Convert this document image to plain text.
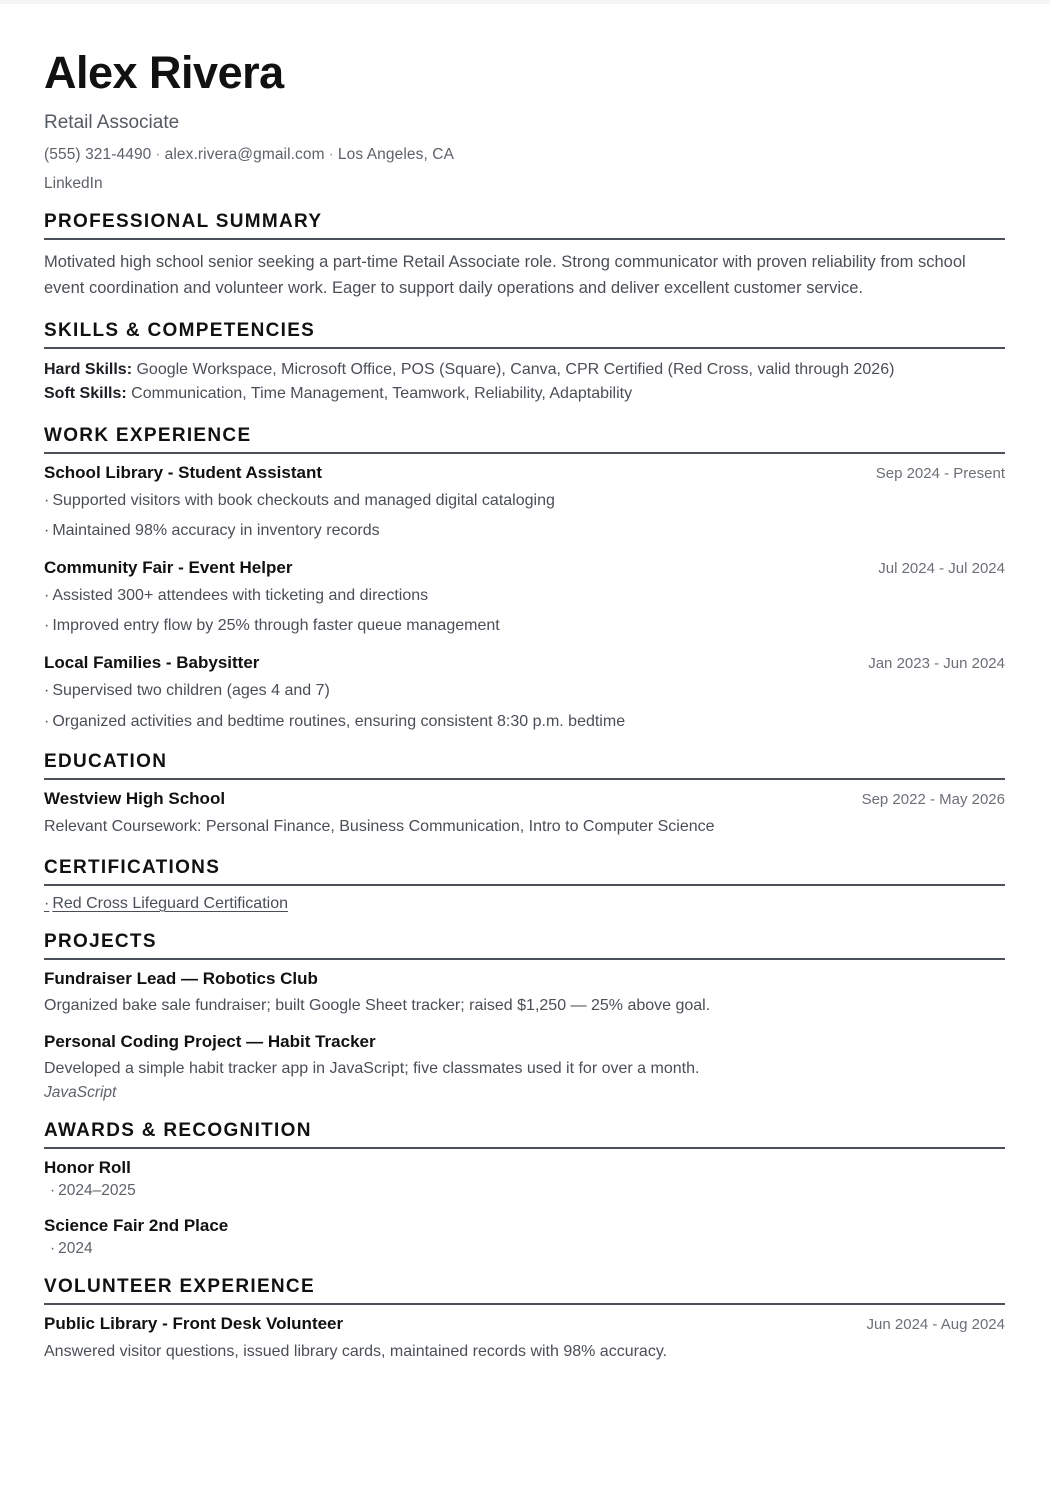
Alex Rivera
Retail Associate
(555) 321-4490 · alex.rivera@gmail.com · Los Angeles, CA
LinkedIn
PROFESSIONAL SUMMARY

Motivated high school senior seeking a part-time Retail Associate role. Strong communicator with proven reliability from school event coordination and volunteer work. Eager to support daily operations and deliver excellent customer service.

SKILLS & COMPETENCIES
Hard Skills: Google Workspace, Microsoft Office, POS (Square), Canva, CPR Certified (Red Cross, valid through 2026)
Soft Skills: Communication, Time Management, Teamwork, Reliability, Adaptability
WORK EXPERIENCE
School Library - Student Assistant	Sep 2024 - Present
· Supported visitors with book checkouts and managed digital cataloging
· Maintained 98% accuracy in inventory records
Community Fair - Event Helper	Jul 2024 - Jul 2024
· Assisted 300+ attendees with ticketing and directions
· Improved entry flow by 25% through faster queue management
Local Families - Babysitter	Jan 2023 - Jun 2024
· Supervised two children (ages 4 and 7)
· Organized activities and bedtime routines, ensuring consistent 8:30 p.m. bedtime
EDUCATION
Westview High School	Sep 2022 - May 2026
Relevant Coursework: Personal Finance, Business Communication, Intro to Computer Science
CERTIFICATIONS
· Red Cross Lifeguard Certification
PROJECTS
Fundraiser Lead — Robotics Club
Organized bake sale fundraiser; built Google Sheet tracker; raised $1,250 — 25% above goal.
Personal Coding Project — Habit Tracker
Developed a simple habit tracker app in JavaScript; five classmates used it for over a month.
JavaScript
AWARDS & RECOGNITION
Honor Roll
· 2024–2025
Science Fair 2nd Place
· 2024
VOLUNTEER EXPERIENCE
Public Library - Front Desk Volunteer	Jun 2024 - Aug 2024
Answered visitor questions, issued library cards, maintained records with 98% accuracy.
